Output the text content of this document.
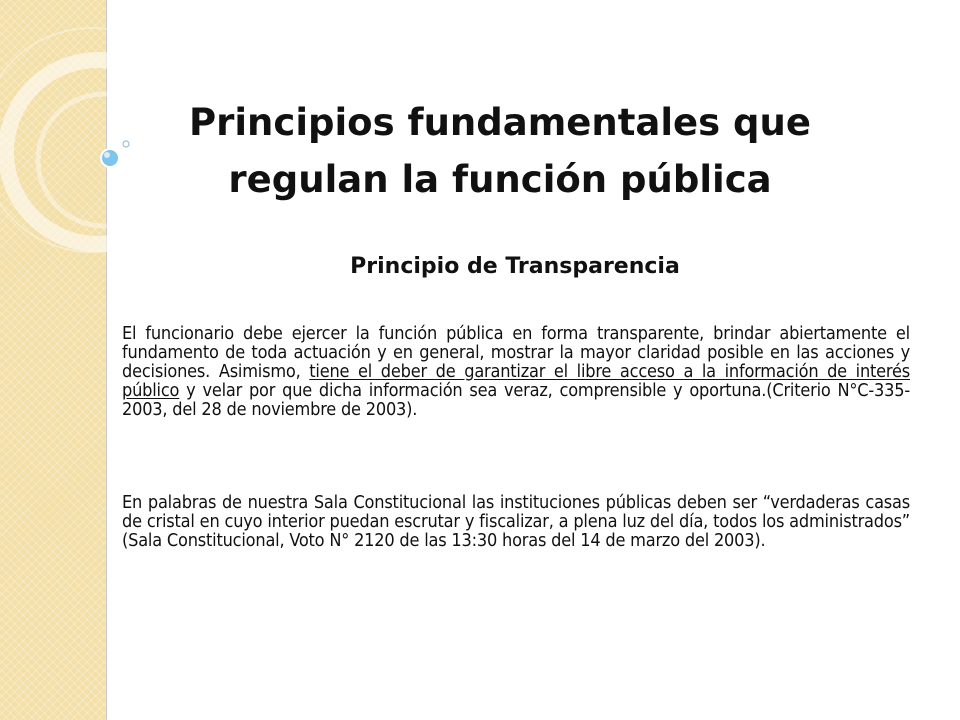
Principios fundamentales que
regulan la función pública
Principio de Transparencia

El funcionario debe ejercer la función pública en forma transparente, brindar abiertamente el fundamento de toda actuación y en general, mostrar la mayor claridad posible en las acciones y decisiones. Asimismo, tiene el deber de garantizar el libre acceso a la información de interés público y velar por que dicha información sea veraz, comprensible y oportuna.(Criterio N°C-335-2003, del 28 de noviembre de 2003).

En palabras de nuestra Sala Constitucional las instituciones públicas deben ser “verdaderas casas de cristal en cuyo interior puedan escrutar y fiscalizar, a plena luz del día, todos los administrados” (Sala Constitucional, Voto N° 2120 de las 13:30 horas del 14 de marzo del 2003).
